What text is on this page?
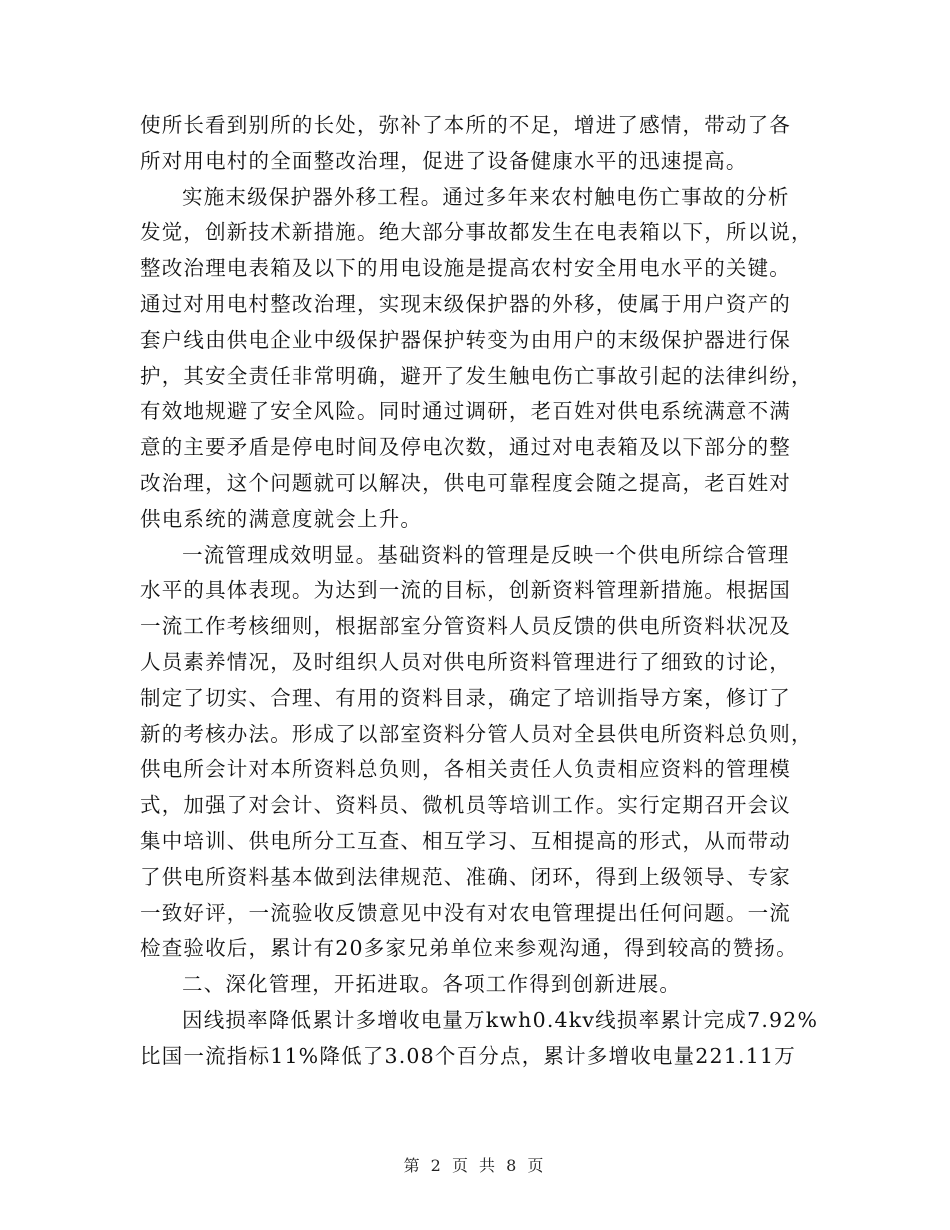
使所长看到别所的长处，弥补了本所的不足，增进了感情，带动了各
所对用电村的全面整改治理，促进了设备健康水平的迅速提高。
实施末级保护器外移工程。通过多年来农村触电伤亡事故的分析
发觉，创新技术新措施。绝大部分事故都发生在电表箱以下，所以说，
整改治理电表箱及以下的用电设施是提高农村安全用电水平的关键。
通过对用电村整改治理，实现末级保护器的外移，使属于用户资产的
套户线由供电企业中级保护器保护转变为由用户的末级保护器进行保
护，其安全责任非常明确，避开了发生触电伤亡事故引起的法律纠纷，
有效地规避了安全风险。同时通过调研，老百姓对供电系统满意不满
意的主要矛盾是停电时间及停电次数，通过对电表箱及以下部分的整
改治理，这个问题就可以解决，供电可靠程度会随之提高，老百姓对
供电系统的满意度就会上升。
一流管理成效明显。基础资料的管理是反映一个供电所综合管理
水平的具体表现。为达到一流的目标，创新资料管理新措施。根据国
一流工作考核细则，根据部室分管资料人员反馈的供电所资料状况及
人员素养情况，及时组织人员对供电所资料管理进行了细致的讨论，
制定了切实、合理、有用的资料目录，确定了培训指导方案，修订了
新的考核办法。形成了以部室资料分管人员对全县供电所资料总负则，
供电所会计对本所资料总负则，各相关责任人负责相应资料的管理模
式，加强了对会计、资料员、微机员等培训工作。实行定期召开会议
集中培训、供电所分工互查、相互学习、互相提高的形式，从而带动
了供电所资料基本做到法律规范、准确、闭环，得到上级领导、专家
一致好评，一流验收反馈意见中没有对农电管理提出任何问题。一流
检查验收后，累计有20多家兄弟单位来参观沟通，得到较高的赞扬。
二、深化管理，开拓进取。各项工作得到创新进展。
因线损率降低累计多增收电量万kwh0.4kv线损率累计完成7.92%
比国一流指标11%降低了3.08个百分点，累计多增收电量221.11万
第 2 页 共 8 页
